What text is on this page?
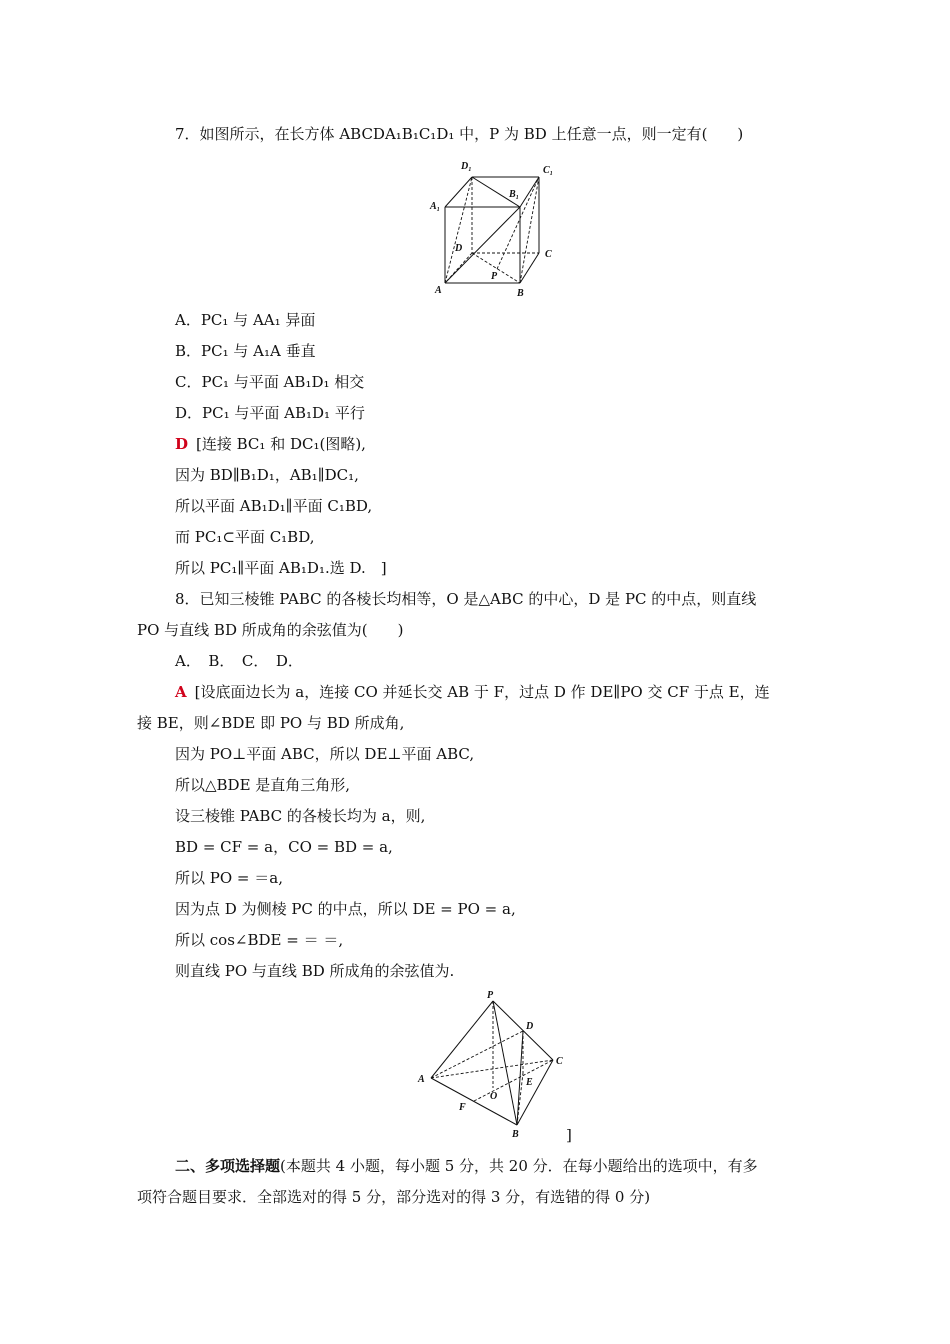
7．如图所示，在长方体 ABCDA₁B₁C₁D₁ 中，P 为 BD 上任意一点，则一定有(　　)
D₁	C₁
B₁
A₁
D
C
A
P
B
A．PC₁ 与 AA₁ 异面
B．PC₁ 与 A₁A 垂直
C．PC₁ 与平面 AB₁D₁ 相交
D．PC₁ 与平面 AB₁D₁ 平行
D [连接 BC₁ 和 DC₁(图略),
因为 BD∥B₁D₁，AB₁∥DC₁,
所以平面 AB₁D₁∥平面 C₁BD,
而 PC₁⊂平面 C₁BD,
所以 PC₁∥平面 AB₁D₁.选 D.　]
8．已知三棱锥 PABC 的各棱长均相等，O 是△ABC 的中心，D 是 PC 的中点，则直线
PO 与直线 BD 所成角的余弦值为(　　)
A．　B．　C．　D．
A [设底面边长为 a，连接 CO 并延长交 AB 于 F，过点 D 作 DE∥PO 交 CF 于点 E，连
接 BE，则∠BDE 即 PO 与 BD 所成角,
因为 PO⊥平面 ABC，所以 DE⊥平面 ABC,
所以△BDE 是直角三角形,
设三棱锥 PABC 的各棱长均为 a，则,
BD = CF = a，CO = BD = a,
所以 PO = ＝a,
因为点 D 为侧棱 PC 的中点，所以 DE = PO = a,
所以 cos∠BDE = ＝ ＝,
则直线 PO 与直线 BD 所成角的余弦值为.
P
D
C
A	E
O
F
B	]
二、多项选择题(本题共 4 小题，每小题 5 分，共 20 分．在每小题给出的选项中，有多
项符合题目要求．全部选对的得 5 分，部分选对的得 3 分，有选错的得 0 分)
